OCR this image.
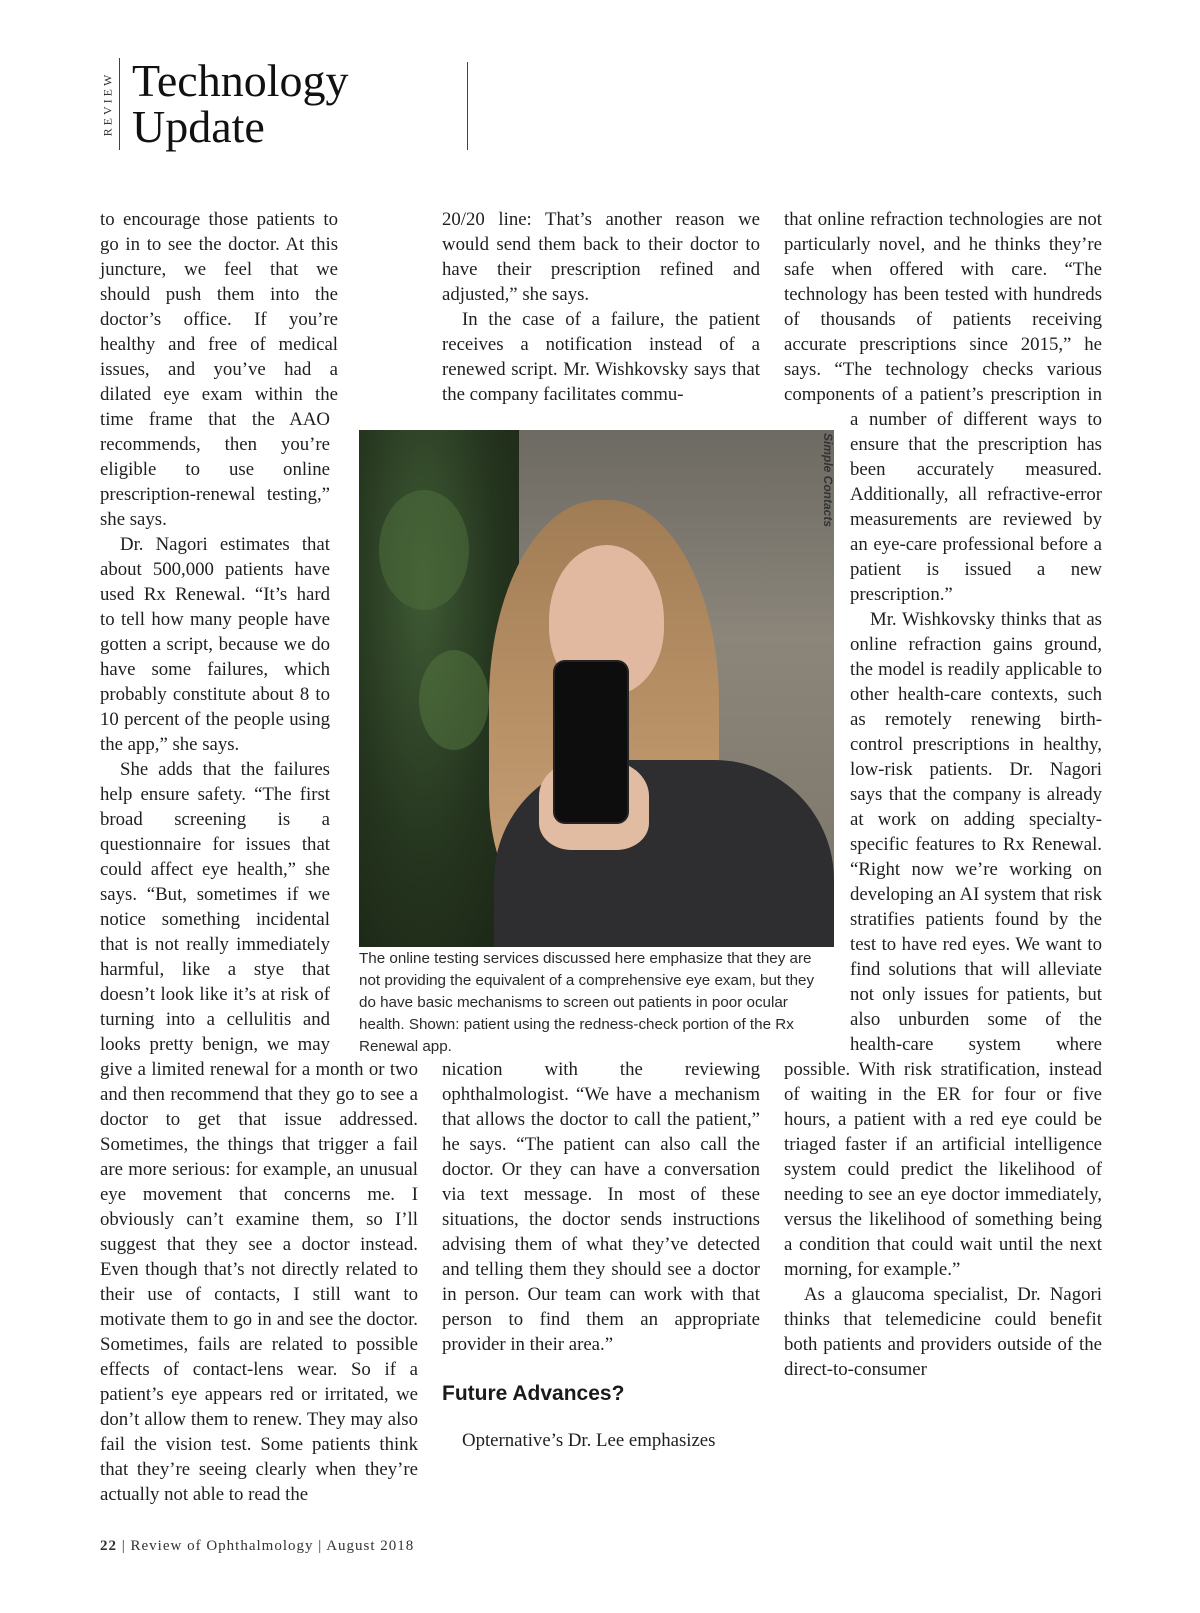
REVIEW Technology
Update

to encourage those patients to go in to see the doctor. At this juncture, we feel that we should push them into the doctor’s office. If you’re healthy and free of medical issues, and you’ve had a dilated eye exam within the time frame that the AAO recommends, then you’re eligible to use online prescription-renewal testing,” she says.

Dr. Nagori estimates that about 500,000 patients have used Rx Renewal. “It’s hard to tell how many people have gotten a script, because we do have some failures, which probably constitute about 8 to 10 percent of the people using the app,” she says.

She adds that the failures help ensure safety. “The first broad screening is a questionnaire for issues that could affect eye health,” she says. “But, sometimes if we notice something incidental that is not really immediately harmful, like a stye that doesn’t look like it’s at risk of turning into a cellulitis and looks pretty benign, we may give a limited renewal for a month or two and then recommend that they go to see a doctor to get that issue addressed. Sometimes, the things that trigger a fail are more serious: for example, an unusual eye movement that concerns me. I obviously can’t examine them, so I’ll suggest that they see a doctor instead. Even though that’s not directly related to their use of contacts, I still want to motivate them to go in and see the doctor. Sometimes, fails are related to possible effects of contact-lens wear. So if a patient’s eye appears red or irritated, we don’t allow them to renew. They may also fail the vision test. Some patients think that they’re seeing clearly when they’re actually not able to read the

20/20 line: That’s another reason we would send them back to their doctor to have their prescription refined and adjusted,” she says.

In the case of a failure, the patient receives a notification instead of a renewed script. Mr. Wishkovsky says that the company facilitates commu-

nication with the reviewing ophthalmologist. “We have a mechanism that allows the doctor to call the patient,” he says. “The patient can also call the doctor. Or they can have a conversation via text message. In most of these situations, the doctor sends instructions advising them of what they’ve detected and telling them they should see a doctor in person. Our team can work with that person to find them an appropriate provider in their area.”

Future Advances?

Opternative’s Dr. Lee emphasizes

that online refraction technologies are not particularly novel, and he thinks they’re safe when offered with care. “The technology has been tested with hundreds of thousands of patients receiving accurate prescriptions since 2015,” he says. “The technology checks various components of a patient’s prescription in a number of different ways to ensure that the prescription has been accurately measured. Additionally, all refractive-error measurements are reviewed by an eye-care professional before a patient is issued a new prescription.”

Mr. Wishkovsky thinks that as online refraction gains ground, the model is readily applicable to other health-care contexts, such as remotely renewing birth-control prescriptions in healthy, low-risk patients. Dr. Nagori says that the company is already at work on adding specialty-specific features to Rx Renewal. “Right now we’re working on developing an AI system that risk stratifies patients found by the test to have red eyes. We want to find solutions that will alleviate not only issues for patients, but also unburden some of the health-care system where possible. With risk stratification, instead of waiting in the ER for four or five hours, a patient with a red eye could be triaged faster if an artificial intelligence system could predict the likelihood of needing to see an eye doctor immediately, versus the likelihood of something being a condition that could wait until the next morning, for example.”

As a glaucoma specialist, Dr. Nagori thinks that telemedicine could benefit both patients and providers outside of the direct-to-consumer

Simple Contacts
The online testing services discussed here emphasize that they are not providing the equivalent of a comprehensive eye exam, but they do have basic mechanisms to screen out patients in poor ocular health. Shown: patient using the redness-check portion of the Rx Renewal app.
22 | Review of Ophthalmology | August 2018
